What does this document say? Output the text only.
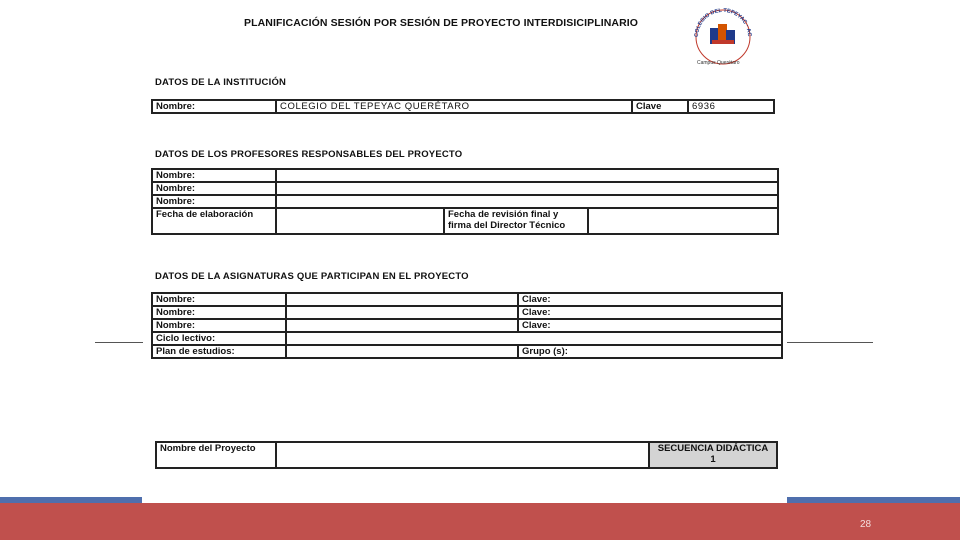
PLANIFICACIÓN SESIÓN POR SESIÓN DE PROYECTO INTERDISICIPLINARIO
COLEGIO DEL TEPEYAC · AC
Campus Querétaro
DATOS DE LA INSTITUCIÓN
Nombre:	COLEGIO DEL TEPEYAC QUERÉTARO	Clave	6936
DATOS DE LOS PROFESORES RESPONSABLES DEL PROYECTO
Nombre:	
Nombre:	
Nombre:	
Fecha de elaboración			Fecha de revisión final y
firma del Director Técnico

DATOS DE LA ASIGNATURAS QUE PARTICIPAN EN EL PROYECTO
Nombre:		Clave:
Nombre:		Clave:
Nombre:		Clave:
Ciclo lectivo:		
Plan de estudios:		Grupo (s):
Nombre del Proyecto		SECUENCIA DIDÁCTICA
1
28
